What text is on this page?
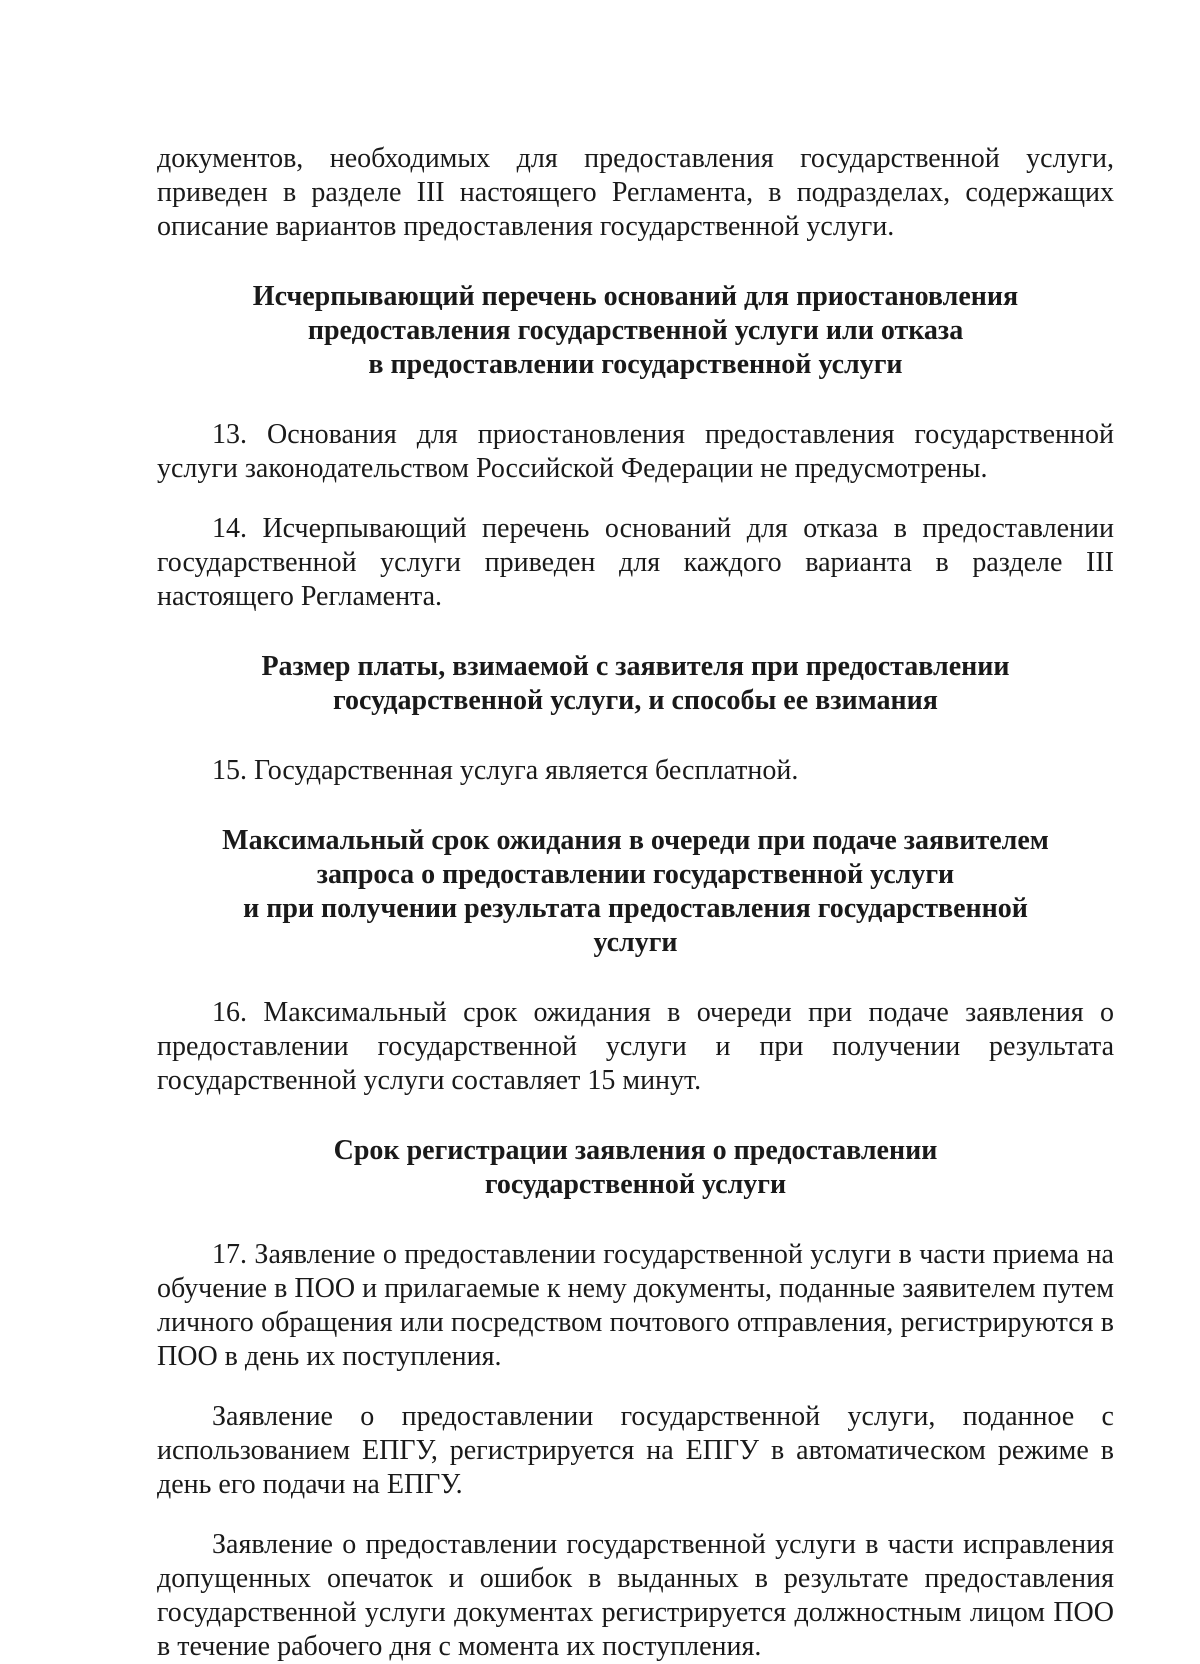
документов, необходимых для предоставления государственной услуги, приведен в разделе III настоящего Регламента, в подразделах, содержащих описание вариантов предоставления государственной услуги.

Исчерпывающий перечень оснований для приостановления
предоставления государственной услуги или отказа
в предоставлении государственной услуги

13. Основания для приостановления предоставления государственной услуги законодательством Российской Федерации не предусмотрены.

14. Исчерпывающий перечень оснований для отказа в предоставлении государственной услуги приведен для каждого варианта в разделе III настоящего Регламента.

Размер платы, взимаемой с заявителя при предоставлении
государственной услуги, и способы ее взимания

15. Государственная услуга является бесплатной.

Максимальный срок ожидания в очереди при подаче заявителем
запроса о предоставлении государственной услуги
и при получении результата предоставления государственной
услуги

16. Максимальный срок ожидания в очереди при подаче заявления о предоставлении государственной услуги и при получении результата государственной услуги составляет 15 минут.

Срок регистрации заявления о предоставлении
государственной услуги

17. Заявление о предоставлении государственной услуги в части приема на обучение в ПОО и прилагаемые к нему документы, поданные заявителем путем личного обращения или посредством почтового отправления, регистрируются в ПОО в день их поступления.

Заявление о предоставлении государственной услуги, поданное с использованием ЕПГУ, регистрируется на ЕПГУ в автоматическом режиме в день его подачи на ЕПГУ.

Заявление о предоставлении государственной услуги в части исправления допущенных опечаток и ошибок в выданных в результате предоставления государственной услуги документах регистрируется должностным лицом ПОО в течение рабочего дня с момента их поступления.
